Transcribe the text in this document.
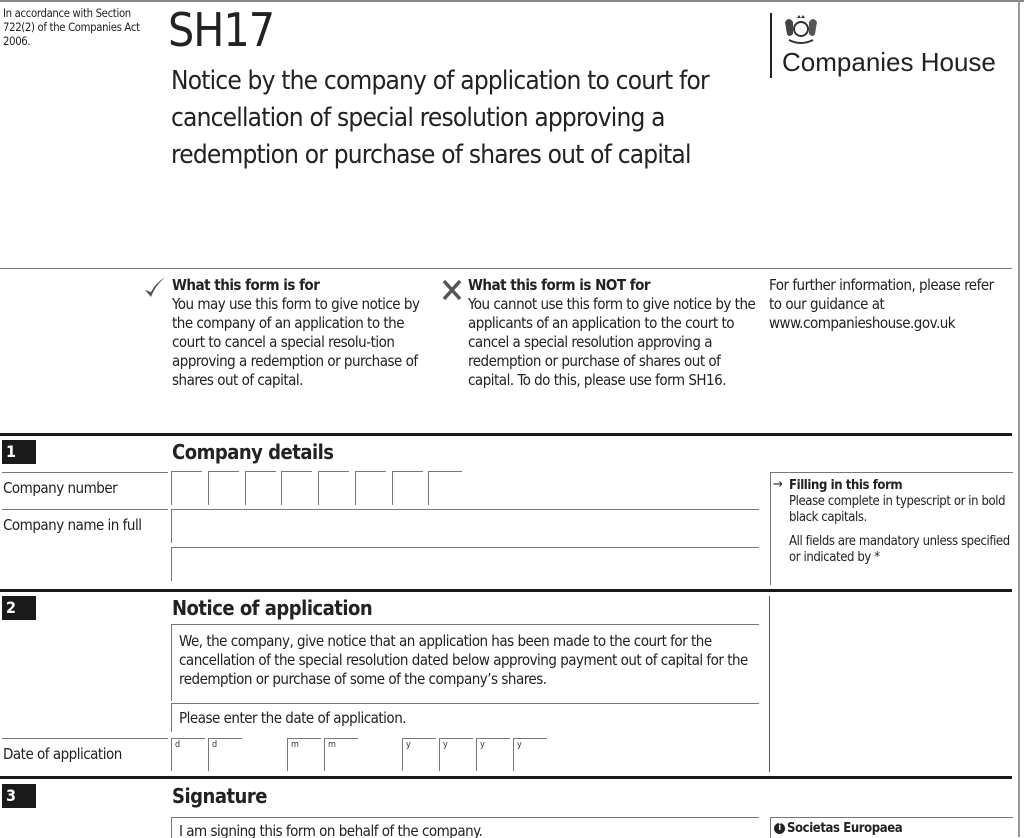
In accordance with Section 722(2) of the Companies Act 2006.	SH17
Notice by the company of application to court for cancellation of special resolution approving a redemption or purchase of shares out of capital
Companies House
What this form is for
You may use this form to give notice by the company of an application to the court to cancel a special resolu-tion approving a redemption or purchase of shares out of capital.
What this form is NOT for
You cannot use this form to give notice by the applicants of an application to the court to cancel a special resolution approving a redemption or purchase of shares out of capital. To do this, please use form SH16.
For further information, please refer to our guidance at www.companieshouse.gov.uk
1	Company details
Company number
Company name in full
→ Filling in this form
Please complete in typescript or in bold black capitals.
All fields are mandatory unless specified or indicated by *
2	Notice of application
We, the company, give notice that an application has been made to the court for the cancellation of the special resolution dated below approving payment out of capital for the redemption or purchase of some of the company’s shares.
Please enter the date of application.
Date of application	d	d	m	m	y	y	y	y
3	Signature
I am signing this form on behalf of the company.	i Societas Europaea
